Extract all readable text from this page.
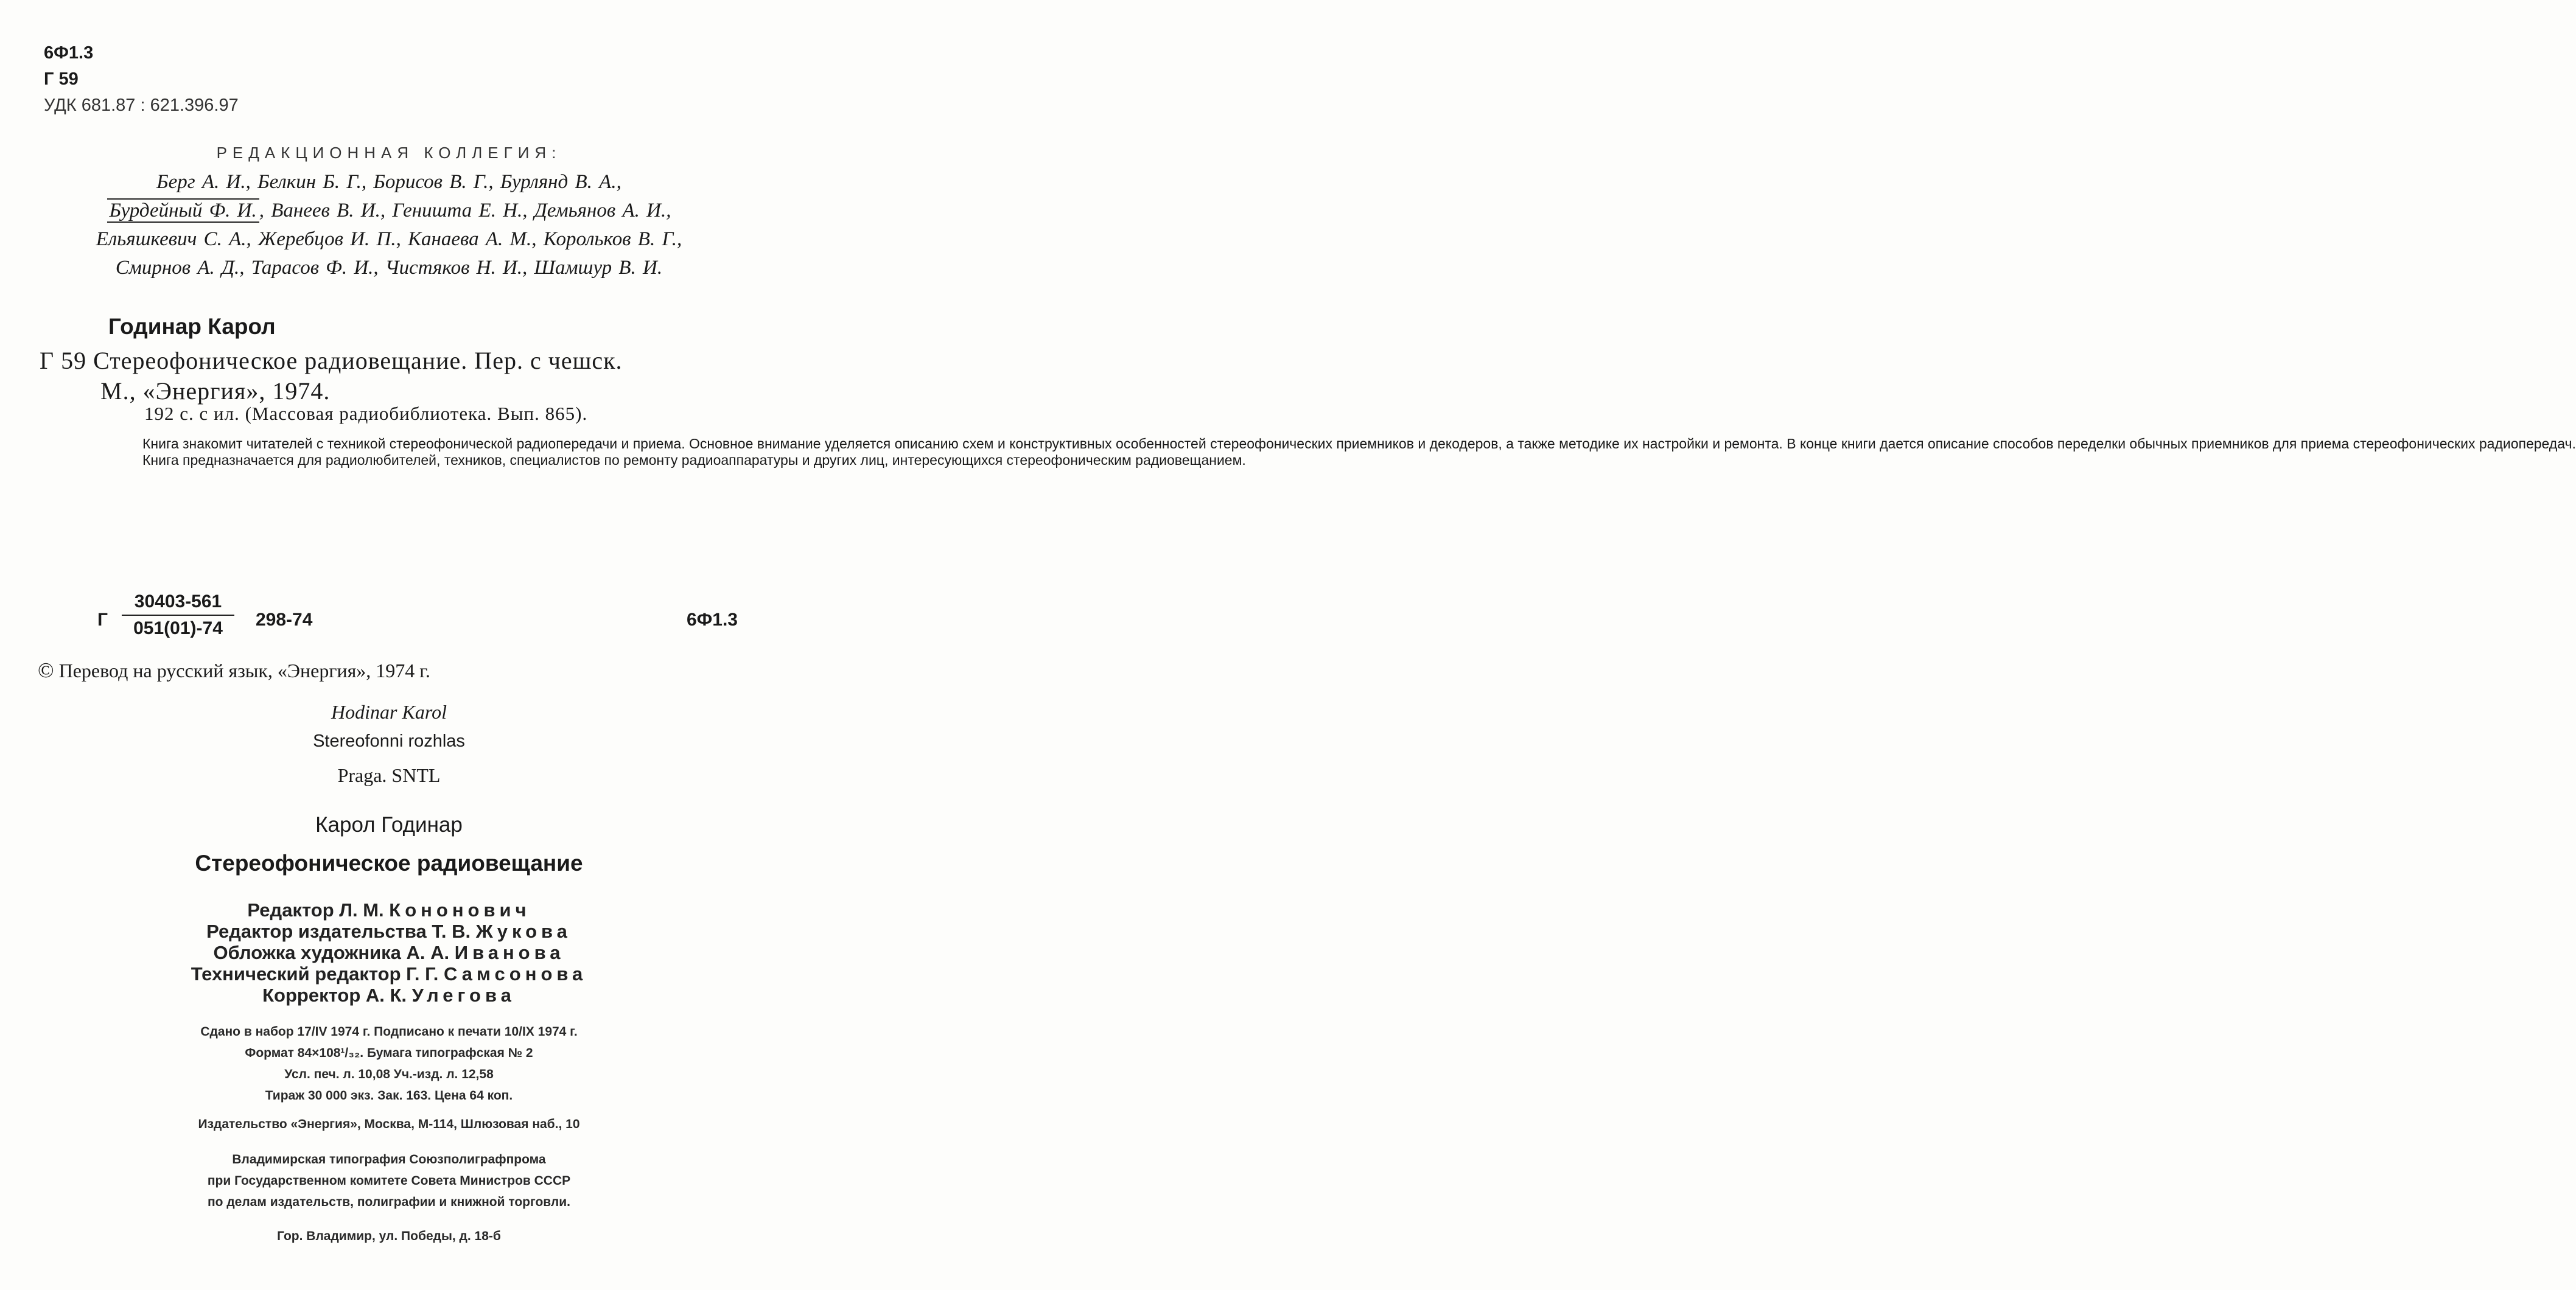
6Ф1.3
Г 59
УДК 681.87 : 621.396.97
РЕДАКЦИОННАЯ КОЛЛЕГИЯ:
Берг А. И., Белкин Б. Г., Борисов В. Г., Бурлянд В. А.,
Бурдейный Ф. И. , Ванеев В. И., Геништа Е. Н., Демьянов А. И.,
Ельяшкевич С. А., Жеребцов И. П., Канаева А. М., Корольков В. Г.,
Смирнов А. Д., Тарасов Ф. И., Чистяков Н. И., Шамшур В. И.
Годинар Карол
Г 59 Стереофоническое радиовещание. Пер. с чешск.
М., «Энергия», 1974.
192 с. с ил. (Массовая радиобиблиотека. Вып. 865).

Книга знакомит читателей с техникой стереофонической радиопередачи и приема. Основное внимание уделяется описанию схем и конструктивных особенностей стереофонических приемников и декодеров, а также методике их настройки и ремонта. В конце книги дается описание способов переделки обычных приемников для приема стереофонических радиопередач.

Книга предназначается для радиолюбителей, техников, специалистов по ремонту радиоаппаратуры и других лиц, интересующихся стереофоническим радиовещанием.

Г
30403-561
051(01)-74	298-74	6Ф1.3
© Перевод на русский язык, «Энергия», 1974 г.
Hodinar Karol
Stereofonni rozhlas
Praga. SNTL
Карол Годинар
Стереофоническое радиовещание
Редактор Л. М. Кононович
Редактор издательства Т. В. Жукова
Обложка художника А. А. Иванова
Технический редактор Г. Г. Самсонова
Корректор А. К. Улегова
Сдано в набор 17/IV 1974 г. Подписано к печати 10/IX 1974 г.
Формат 84×108¹/₃₂. Бумага типографская № 2
Усл. печ. л. 10,08 Уч.-изд. л. 12,58
Тираж 30 000 экз. Зак. 163. Цена 64 коп.
Издательство «Энергия», Москва, М-114, Шлюзовая наб., 10
Владимирская типография Союзполиграфпрома
при Государственном комитете Совета Министров СССР
по делам издательств, полиграфии и книжной торговли.
Гор. Владимир, ул. Победы, д. 18-б
